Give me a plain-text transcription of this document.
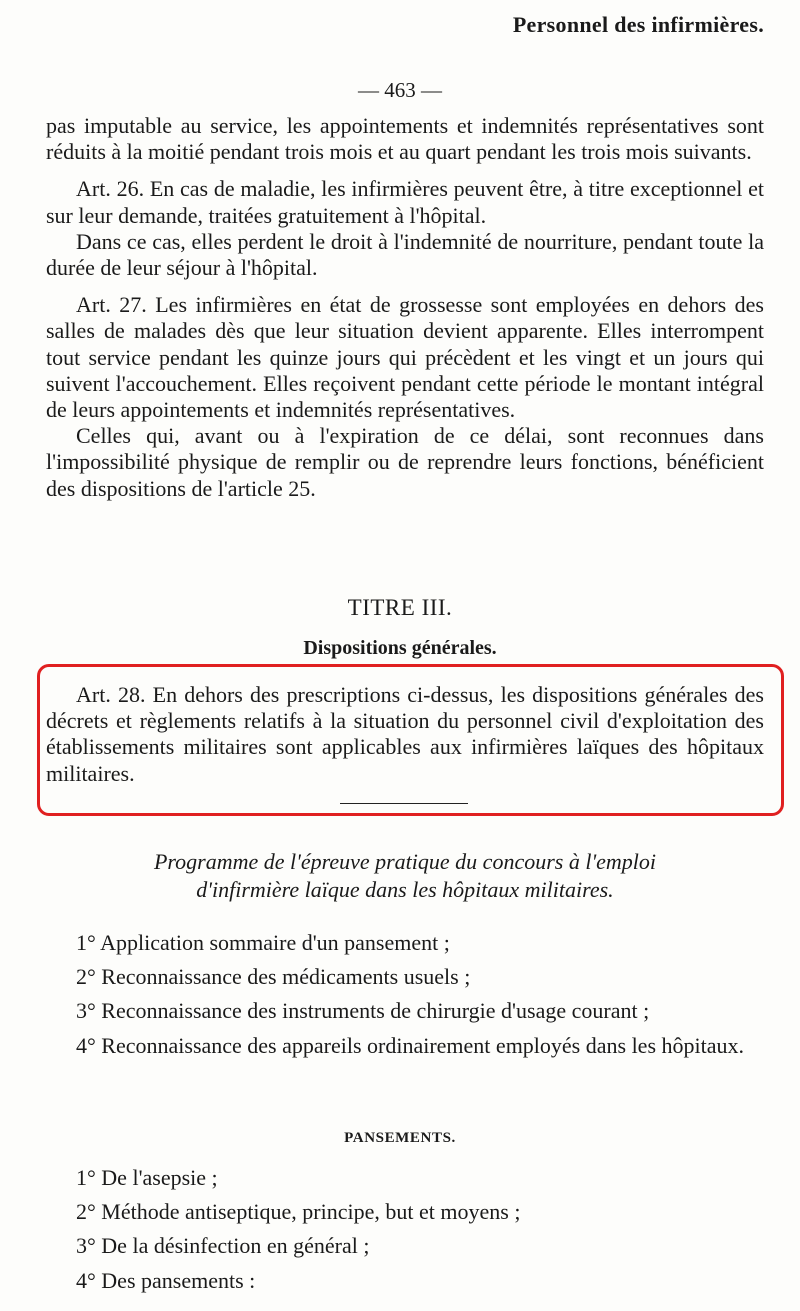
Personnel des infirmières.
— 463 —

pas imputable au service, les appointements et indemnités représentatives sont réduits à la moitié pendant trois mois et au quart pendant les trois mois suivants.

Art. 26. En cas de maladie, les infirmières peuvent être, à titre exceptionnel et sur leur demande, traitées gratuitement à l'hôpital.

Dans ce cas, elles perdent le droit à l'indemnité de nourriture, pendant toute la durée de leur séjour à l'hôpital.

Art. 27. Les infirmières en état de grossesse sont employées en dehors des salles de malades dès que leur situation devient apparente. Elles interrompent tout service pendant les quinze jours qui précèdent et les vingt et un jours qui suivent l'accouchement. Elles reçoivent pendant cette période le montant intégral de leurs appointements et indemnités représentatives.

Celles qui, avant ou à l'expiration de ce délai, sont reconnues dans l'impossibilité physique de remplir ou de reprendre leurs fonctions, bénéficient des dispositions de l'article 25.

TITRE III.
Dispositions générales.

Art. 28. En dehors des prescriptions ci-dessus, les dispositions générales des décrets et règlements relatifs à la situation du personnel civil d'exploitation des établissements militaires sont applicables aux infirmières laïques des hôpitaux militaires.

Programme de l'épreuve pratique du concours à l'emploi
d'infirmière laïque dans les hôpitaux militaires.

1° Application sommaire d'un pansement ;

2° Reconnaissance des médicaments usuels ;

3° Reconnaissance des instruments de chirurgie d'usage courant ;

4° Reconnaissance des appareils ordinairement employés dans les hôpitaux.

PANSEMENTS.

1° De l'asepsie ;

2° Méthode antiseptique, principe, but et moyens ;

3° De la désinfection en général ;

4° Des pansements :
